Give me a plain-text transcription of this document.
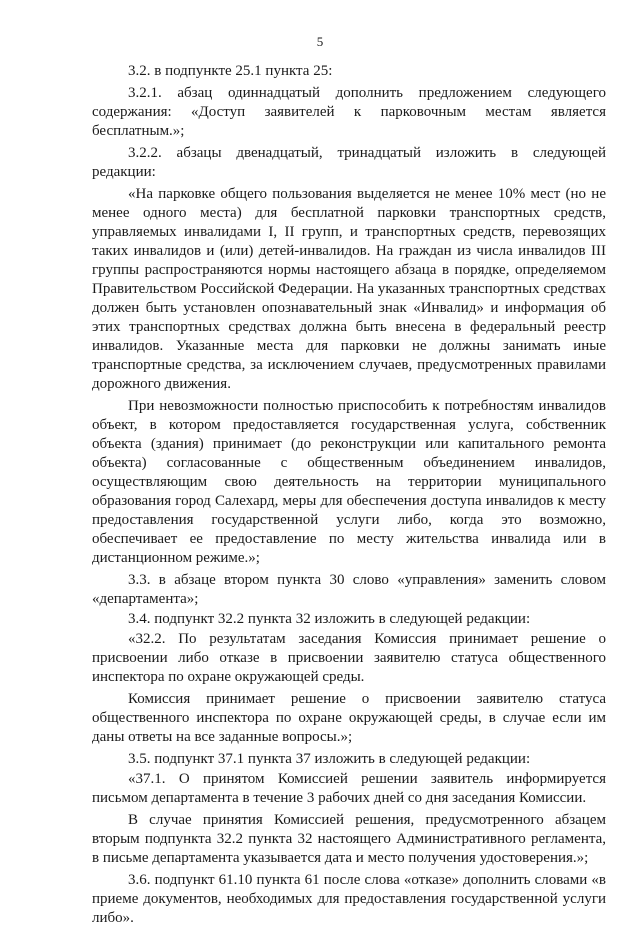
5

3.2. в подпункте 25.1 пункта 25:

3.2.1. абзац одиннадцатый дополнить предложением следующего содержания: «Доступ заявителей к парковочным местам является бесплатным.»;

3.2.2. абзацы двенадцатый, тринадцатый изложить в следующей редакции:

«На парковке общего пользования выделяется не менее 10% мест (но не менее одного места) для бесплатной парковки транспортных средств, управляемых инвалидами I, II групп, и транспортных средств, перевозящих таких инвалидов и (или) детей-инвалидов. На граждан из числа инвалидов III группы распространяются нормы настоящего абзаца в порядке, определяемом Правительством Российской Федерации. На указанных транспортных средствах должен быть установлен опознавательный знак «Инвалид» и информация об этих транспортных средствах должна быть внесена в федеральный реестр инвалидов. Указанные места для парковки не должны занимать иные транспортные средства, за исключением случаев, предусмотренных правилами дорожного движения.

При невозможности полностью приспособить к потребностям инвалидов объект, в котором предоставляется государственная услуга, собственник объекта (здания) принимает (до реконструкции или капитального ремонта объекта) согласованные с общественным объединением инвалидов, осуществляющим свою деятельность на территории муниципального образования город Салехард, меры для обеспечения доступа инвалидов к месту предоставления государственной услуги либо, когда это возможно, обеспечивает ее предоставление по месту жительства инвалида или в дистанционном режиме.»;

3.3. в абзаце втором пункта 30 слово «управления» заменить словом «департамента»;

3.4. подпункт 32.2 пункта 32 изложить в следующей редакции:

«32.2. По результатам заседания Комиссия принимает решение о присвоении либо отказе в присвоении заявителю статуса общественного инспектора по охране окружающей среды.

Комиссия принимает решение о присвоении заявителю статуса общественного инспектора по охране окружающей среды, в случае если им даны ответы на все заданные вопросы.»;

3.5. подпункт 37.1 пункта 37 изложить в следующей редакции:

«37.1. О принятом Комиссией решении заявитель информируется письмом департамента в течение 3 рабочих дней со дня заседания Комиссии.

В случае принятия Комиссией решения, предусмотренного абзацем вторым подпункта 32.2 пункта 32 настоящего Административного регламента, в письме департамента указывается дата и место получения удостоверения.»;

3.6. подпункт 61.10 пункта 61 после слова «отказе» дополнить словами «в приеме документов, необходимых для предоставления государственной услуги либо».
